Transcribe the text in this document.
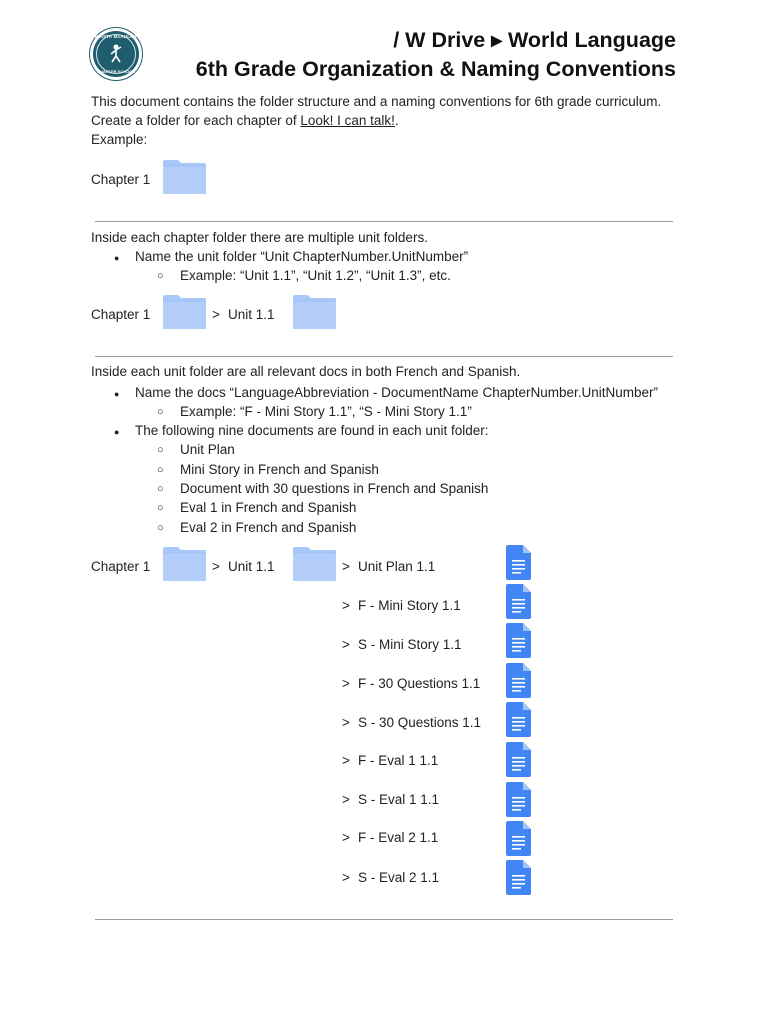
CHRISTA McAULIFFE
CHARTER SCHOOL
/ W Drive ▸ World Language
6th Grade Organization & Naming Conventions
This document contains the folder structure and a naming conventions for 6th grade curriculum.
Create a folder for each chapter of Look! I can talk!.
Example:
Chapter 1
Inside each chapter folder there are multiple unit folders.
● Name the unit folder “Unit ChapterNumber.UnitNumber”
○ Example: “Unit 1.1”, “Unit 1.2”, “Unit 1.3”, etc.
Chapter 1	> Unit 1.1
Inside each unit folder are all relevant docs in both French and Spanish.
● Name the docs “LanguageAbbreviation - DocumentName ChapterNumber.UnitNumber”
○ Example: “F - Mini Story 1.1”, “S - Mini Story 1.1”
● The following nine documents are found in each unit folder:
○ Unit Plan
○ Mini Story in French and Spanish
○ Document with 30 questions in French and Spanish
○ Eval 1 in French and Spanish
○ Eval 2 in French and Spanish
Chapter 1	> Unit 1.1	> Unit Plan 1.1
> F - Mini Story 1.1
> S - Mini Story 1.1
> F - 30 Questions 1.1
> S - 30 Questions 1.1
> F - Eval 1 1.1
> S - Eval 1 1.1
> F - Eval 2 1.1
> S - Eval 2 1.1
